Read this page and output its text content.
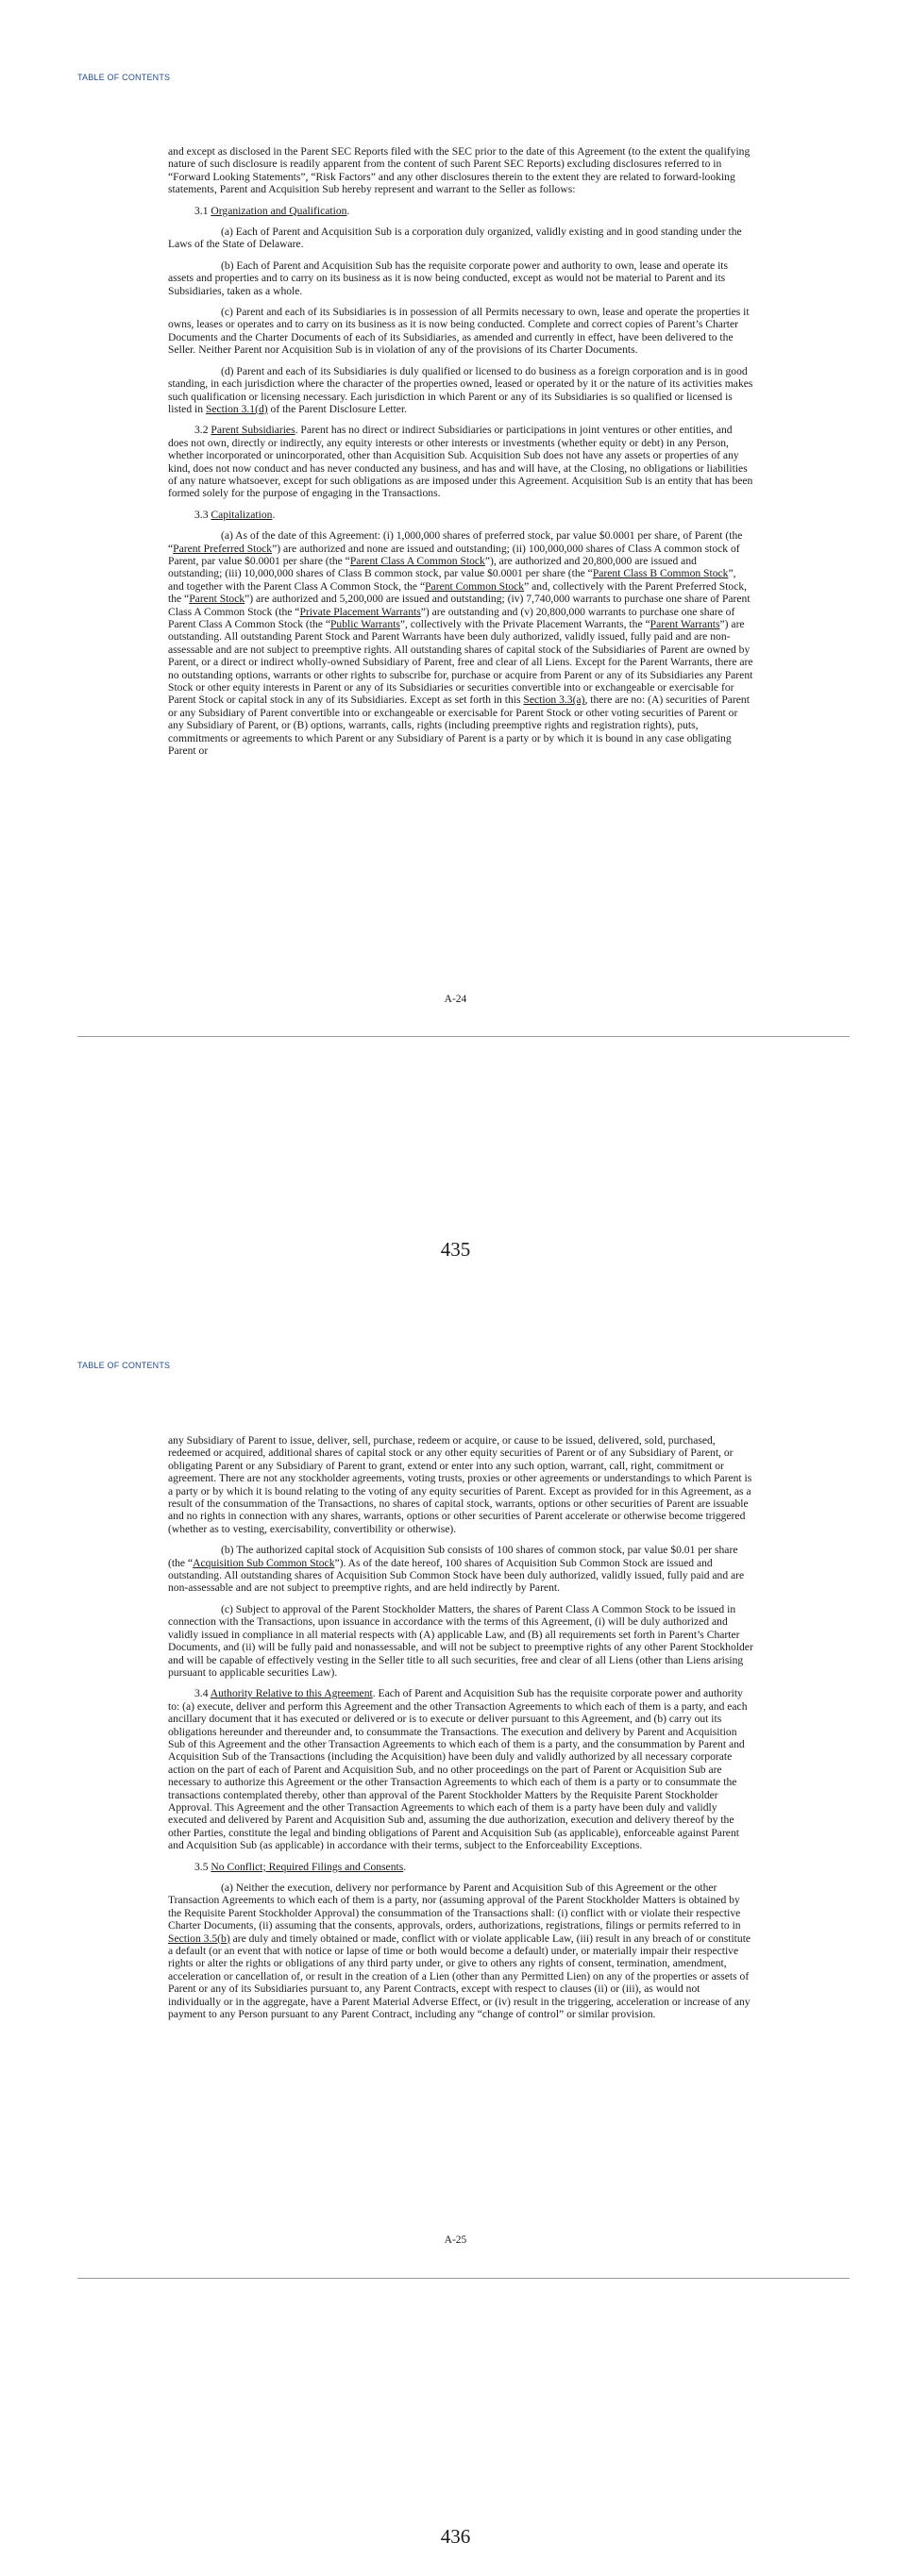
TABLE OF CONTENTS

and except as disclosed in the Parent SEC Reports filed with the SEC prior to the date of this Agreement (to the extent the qualifying nature of such disclosure is readily apparent from the content of such Parent SEC Reports) excluding disclosures referred to in “Forward Looking Statements”, “Risk Factors” and any other disclosures therein to the extent they are related to forward-looking statements, Parent and Acquisition Sub hereby represent and warrant to the Seller as follows:

3.1 Organization and Qualification.

(a) Each of Parent and Acquisition Sub is a corporation duly organized, validly existing and in good standing under the Laws of the State of Delaware.

(b) Each of Parent and Acquisition Sub has the requisite corporate power and authority to own, lease and operate its assets and properties and to carry on its business as it is now being conducted, except as would not be material to Parent and its Subsidiaries, taken as a whole.

(c) Parent and each of its Subsidiaries is in possession of all Permits necessary to own, lease and operate the properties it owns, leases or operates and to carry on its business as it is now being conducted. Complete and correct copies of Parent’s Charter Documents and the Charter Documents of each of its Subsidiaries, as amended and currently in effect, have been delivered to the Seller. Neither Parent nor Acquisition Sub is in violation of any of the provisions of its Charter Documents.

(d) Parent and each of its Subsidiaries is duly qualified or licensed to do business as a foreign corporation and is in good standing, in each jurisdiction where the character of the properties owned, leased or operated by it or the nature of its activities makes such qualification or licensing necessary. Each jurisdiction in which Parent or any of its Subsidiaries is so qualified or licensed is listed in Section 3.1(d) of the Parent Disclosure Letter.

3.2 Parent Subsidiaries. Parent has no direct or indirect Subsidiaries or participations in joint ventures or other entities, and does not own, directly or indirectly, any equity interests or other interests or investments (whether equity or debt) in any Person, whether incorporated or unincorporated, other than Acquisition Sub. Acquisition Sub does not have any assets or properties of any kind, does not now conduct and has never conducted any business, and has and will have, at the Closing, no obligations or liabilities of any nature whatsoever, except for such obligations as are imposed under this Agreement. Acquisition Sub is an entity that has been formed solely for the purpose of engaging in the Transactions.

3.3 Capitalization.

(a) As of the date of this Agreement: (i) 1,000,000 shares of preferred stock, par value $0.0001 per share, of Parent (the “Parent Preferred Stock”) are authorized and none are issued and outstanding; (ii) 100,000,000 shares of Class A common stock of Parent, par value $0.0001 per share (the “Parent Class A Common Stock”), are authorized and 20,800,000 are issued and outstanding; (iii) 10,000,000 shares of Class B common stock, par value $0.0001 per share (the “Parent Class B Common Stock”, and together with the Parent Class A Common Stock, the “Parent Common Stock” and, collectively with the Parent Preferred Stock, the “Parent Stock”) are authorized and 5,200,000 are issued and outstanding; (iv) 7,740,000 warrants to purchase one share of Parent Class A Common Stock (the “Private Placement Warrants”) are outstanding and (v) 20,800,000 warrants to purchase one share of Parent Class A Common Stock (the “Public Warrants”, collectively with the Private Placement Warrants, the “Parent Warrants”) are outstanding. All outstanding Parent Stock and Parent Warrants have been duly authorized, validly issued, fully paid and are non-assessable and are not subject to preemptive rights. All outstanding shares of capital stock of the Subsidiaries of Parent are owned by Parent, or a direct or indirect wholly-owned Subsidiary of Parent, free and clear of all Liens. Except for the Parent Warrants, there are no outstanding options, warrants or other rights to subscribe for, purchase or acquire from Parent or any of its Subsidiaries any Parent Stock or other equity interests in Parent or any of its Subsidiaries or securities convertible into or exchangeable or exercisable for Parent Stock or capital stock in any of its Subsidiaries. Except as set forth in this Section 3.3(a), there are no: (A) securities of Parent or any Subsidiary of Parent convertible into or exchangeable or exercisable for Parent Stock or other voting securities of Parent or any Subsidiary of Parent, or (B) options, warrants, calls, rights (including preemptive rights and registration rights), puts, commitments or agreements to which Parent or any Subsidiary of Parent is a party or by which it is bound in any case obligating Parent or

A-24
435
TABLE OF CONTENTS

any Subsidiary of Parent to issue, deliver, sell, purchase, redeem or acquire, or cause to be issued, delivered, sold, purchased, redeemed or acquired, additional shares of capital stock or any other equity securities of Parent or of any Subsidiary of Parent, or obligating Parent or any Subsidiary of Parent to grant, extend or enter into any such option, warrant, call, right, commitment or agreement. There are not any stockholder agreements, voting trusts, proxies or other agreements or understandings to which Parent is a party or by which it is bound relating to the voting of any equity securities of Parent. Except as provided for in this Agreement, as a result of the consummation of the Transactions, no shares of capital stock, warrants, options or other securities of Parent are issuable and no rights in connection with any shares, warrants, options or other securities of Parent accelerate or otherwise become triggered (whether as to vesting, exercisability, convertibility or otherwise).

(b) The authorized capital stock of Acquisition Sub consists of 100 shares of common stock, par value $0.01 per share (the “Acquisition Sub Common Stock”). As of the date hereof, 100 shares of Acquisition Sub Common Stock are issued and outstanding. All outstanding shares of Acquisition Sub Common Stock have been duly authorized, validly issued, fully paid and are non-assessable and are not subject to preemptive rights, and are held indirectly by Parent.

(c) Subject to approval of the Parent Stockholder Matters, the shares of Parent Class A Common Stock to be issued in connection with the Transactions, upon issuance in accordance with the terms of this Agreement, (i) will be duly authorized and validly issued in compliance in all material respects with (A) applicable Law, and (B) all requirements set forth in Parent’s Charter Documents, and (ii) will be fully paid and nonassessable, and will not be subject to preemptive rights of any other Parent Stockholder and will be capable of effectively vesting in the Seller title to all such securities, free and clear of all Liens (other than Liens arising pursuant to applicable securities Law).

3.4 Authority Relative to this Agreement. Each of Parent and Acquisition Sub has the requisite corporate power and authority to: (a) execute, deliver and perform this Agreement and the other Transaction Agreements to which each of them is a party, and each ancillary document that it has executed or delivered or is to execute or deliver pursuant to this Agreement, and (b) carry out its obligations hereunder and thereunder and, to consummate the Transactions. The execution and delivery by Parent and Acquisition Sub of this Agreement and the other Transaction Agreements to which each of them is a party, and the consummation by Parent and Acquisition Sub of the Transactions (including the Acquisition) have been duly and validly authorized by all necessary corporate action on the part of each of Parent and Acquisition Sub, and no other proceedings on the part of Parent or Acquisition Sub are necessary to authorize this Agreement or the other Transaction Agreements to which each of them is a party or to consummate the transactions contemplated thereby, other than approval of the Parent Stockholder Matters by the Requisite Parent Stockholder Approval. This Agreement and the other Transaction Agreements to which each of them is a party have been duly and validly executed and delivered by Parent and Acquisition Sub and, assuming the due authorization, execution and delivery thereof by the other Parties, constitute the legal and binding obligations of Parent and Acquisition Sub (as applicable), enforceable against Parent and Acquisition Sub (as applicable) in accordance with their terms, subject to the Enforceability Exceptions.

3.5 No Conflict; Required Filings and Consents.

(a) Neither the execution, delivery nor performance by Parent and Acquisition Sub of this Agreement or the other Transaction Agreements to which each of them is a party, nor (assuming approval of the Parent Stockholder Matters is obtained by the Requisite Parent Stockholder Approval) the consummation of the Transactions shall: (i) conflict with or violate their respective Charter Documents, (ii) assuming that the consents, approvals, orders, authorizations, registrations, filings or permits referred to in Section 3.5(b) are duly and timely obtained or made, conflict with or violate applicable Law, (iii) result in any breach of or constitute a default (or an event that with notice or lapse of time or both would become a default) under, or materially impair their respective rights or alter the rights or obligations of any third party under, or give to others any rights of consent, termination, amendment, acceleration or cancellation of, or result in the creation of a Lien (other than any Permitted Lien) on any of the properties or assets of Parent or any of its Subsidiaries pursuant to, any Parent Contracts, except with respect to clauses (ii) or (iii), as would not individually or in the aggregate, have a Parent Material Adverse Effect, or (iv) result in the triggering, acceleration or increase of any payment to any Person pursuant to any Parent Contract, including any “change of control” or similar provision.

A-25
436
